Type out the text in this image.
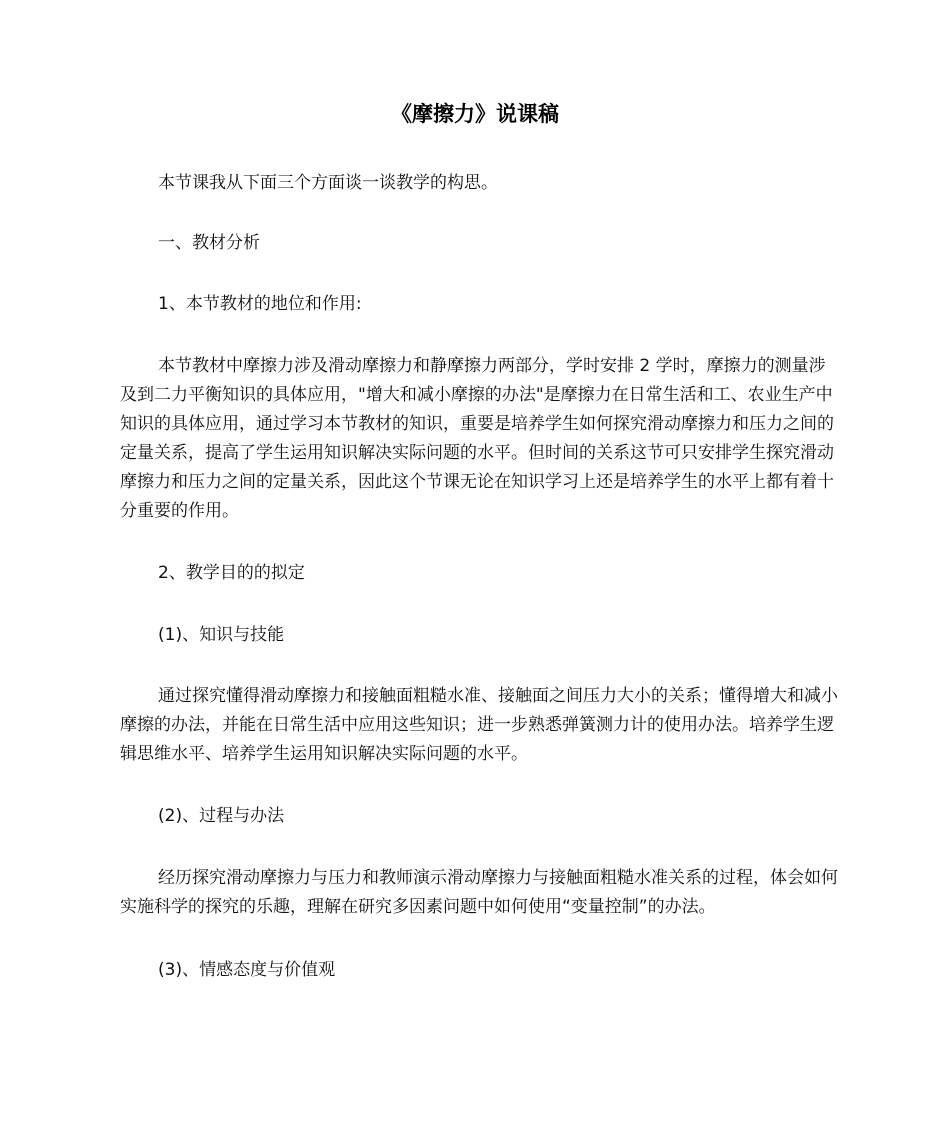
《摩擦力》说课稿

本节课我从下面三个方面谈一谈教学的构思。

一、教材分析

1、本节教材的地位和作用:

本节教材中摩擦力涉及滑动摩擦力和静摩擦力两部分，学时安排 2 学时，摩擦力的测量涉及到二力平衡知识的具体应用，"增大和减小摩擦的办法"是摩擦力在日常生活和工、农业生产中知识的具体应用，通过学习本节教材的知识，重要是培养学生如何探究滑动摩擦力和压力之间的定量关系，提高了学生运用知识解决实际问题的水平。但时间的关系这节可只安排学生探究滑动摩擦力和压力之间的定量关系，因此这个节课无论在知识学习上还是培养学生的水平上都有着十分重要的作用。

2、教学目的的拟定

(1)、知识与技能

通过探究懂得滑动摩擦力和接触面粗糙水准、接触面之间压力大小的关系；懂得增大和减小摩擦的办法，并能在日常生活中应用这些知识；进一步熟悉弹簧测力计的使用办法。培养学生逻辑思维水平、培养学生运用知识解决实际问题的水平。

(2)、过程与办法

经历探究滑动摩擦力与压力和教师演示滑动摩擦力与接触面粗糙水准关系的过程，体会如何实施科学的探究的乐趣，理解在研究多因素问题中如何使用“变量控制”的办法。

(3)、情感态度与价值观
